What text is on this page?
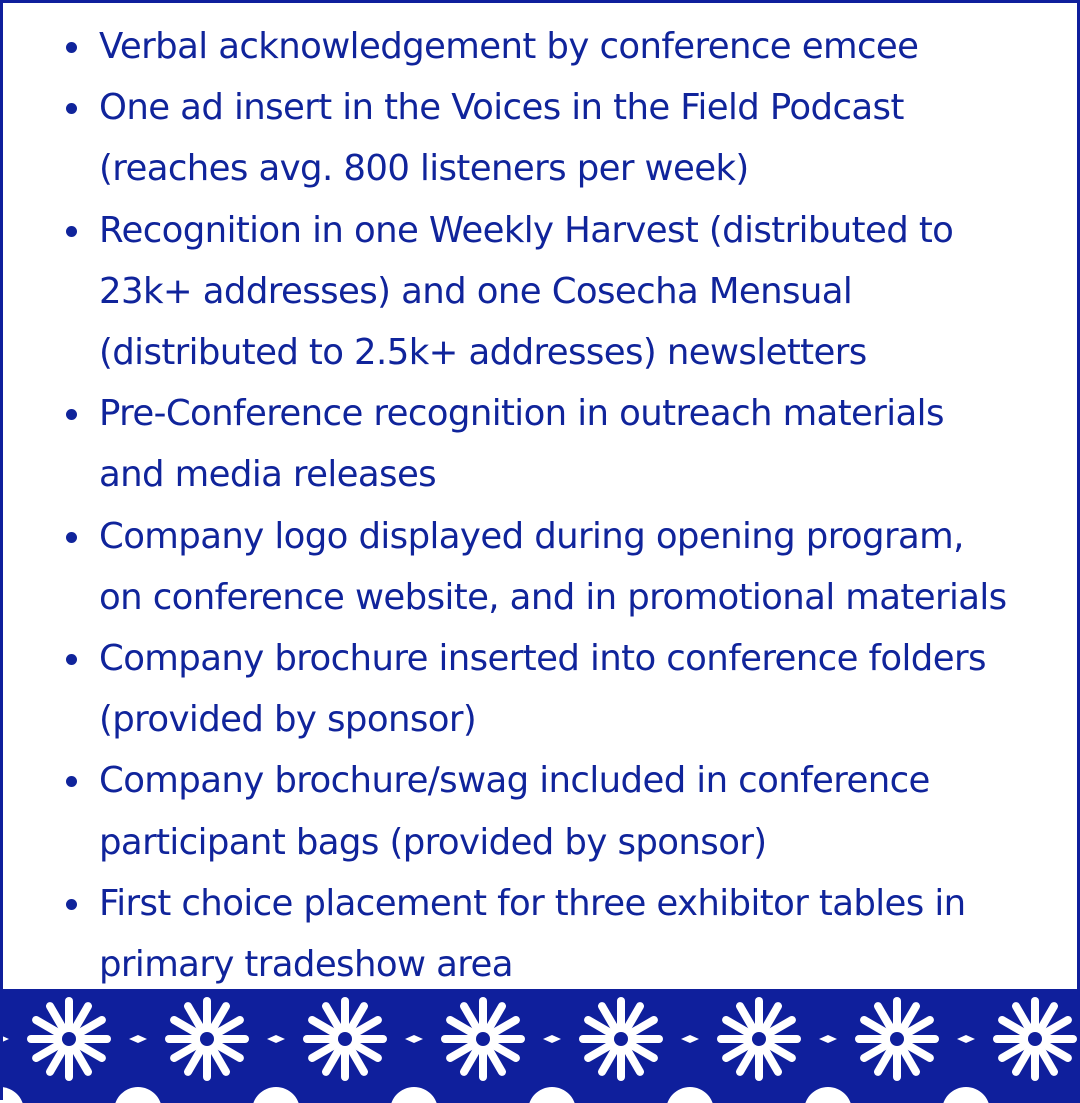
Verbal acknowledgement by conference emcee
One ad insert in the Voices in the Field Podcast
(reaches avg. 800 listeners per week)
Recognition in one Weekly Harvest (distributed to
23k+ addresses) and one Cosecha Mensual
(distributed to 2.5k+ addresses) newsletters
Pre-Conference recognition in outreach materials
and media releases
Company logo displayed during opening program,
on conference website, and in promotional materials
Company brochure inserted into conference folders
(provided by sponsor)
Company brochure/swag included in conference
participant bags (provided by sponsor)
First choice placement for three exhibitor tables in
primary tradeshow area
